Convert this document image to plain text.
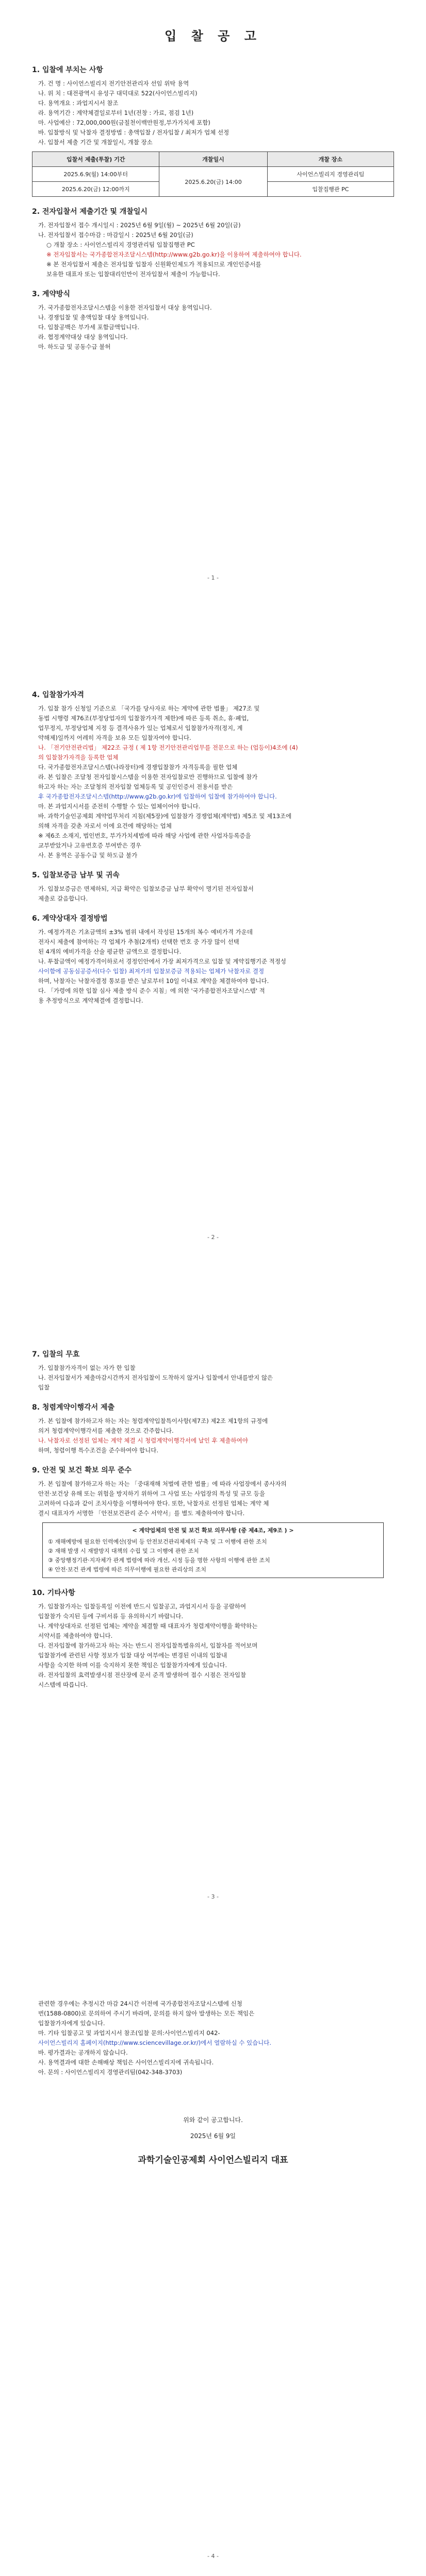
입 찰 공 고
1. 입찰에 부치는 사항
가. 건 명 : 사이언스빌리지 전기안전관리자 선임 위탁 용역
나. 위 치 : 대전광역시 유성구 대덕대로 522(사이언스빌리지)
다. 용역개요 : 과업지시서 참조
라. 용역기간 : 계약체결일로부터 1년(전창 : 가료, 점검 1년)
마. 사업예산 : 72,000,000원(금칠천이백만원정,부가가치세 포함)
바. 입찰방식 및 낙찰자 결정방법 : 총액입찰 / 전자입찰 / 최저가 업체 선정
사. 입찰서 제출 기간 및 개찰일시, 개찰 장소
입찰서 제출(투찰) 기간	개찰일시	개찰 장소
2025.6.9(월) 14:00부터	2025.6.20(금) 14:00	사이언스빌리지 경영관리팀
2025.6.20(금) 12:00까지		입찰집행관 PC
2. 전자입찰서 제출기간 및 개찰일시
가. 전자입찰서 접수 개시일시 : 2025년 6월 9일(월) ~ 2025년 6월 20일(금)
나. 전자입찰서 접수마감 : 마감일시 : 2025년 6월 20일(금)
○ 개찰 장소 : 사이언스빌리지 경영관리팀 입찰집행관 PC
※ 전자입찰서는 국가종합전자조달시스템(http://www.g2b.go.kr)을 이용하여 제출하여야 합니다.
※ 본 전자입찰서 제출은 전자입찰 입찰자 신원확인제도가 적용되므로 개인인증서를
보유한 대표자 또는 입찰대리인만이 전자입찰서 제출이 가능합니다.
3. 계약방식
가. 국가종합전자조달시스템을 이용한 전자입찰서 대상 용역입니다.
나. 경쟁입찰 및 총액입찰 대상 용역입니다.
다. 입찰공백은 부가세 포함금액입니다.
라. 협정계약대상 대상 용역입니다.
마. 하도급 및 공동수급 불허
- 1 -
4. 입찰참가자격
가. 입찰 참가 신청일 기준으로 「국가를 당사자로 하는 계약에 관한 법률」 제27조 및
동법 시행령 제76조(부정당업자의 입찰참가자격 제한)에 따른 등록 취소, 휴·폐업,
업무정지, 부정당업체 지정 등 결격사유가 있는 업체로서 입찰참가자격(정지, 계
약해제)일까지 어레히 자격을 보유 모든 입찰자여야 합니다.
나. 「전기안전관리법」 제22조 규정 ( 제 1항 전기안전관리업무를 전문으로 하는 (업등이)4조에 (4)
의 입찰참가자격을 등록한 업체
다. 국가종합전자조달시스템(나라장터)에 경쟁입찰참가 자격등록을 필한 업체
라. 본 입찰은 조달청 전자입찰시스템을 이용한 전자입찰로만 진행하므로 입찰에 참가
하고자 하는 자는 조달청의 전자입찰 업체등록 및 공인인증서 전용서를 받은
후 국가종합전자조달시스템(http://www.g2b.go.kr)에 입찰하여 입찰에 참가하여야 합니다.
마. 본 과업지시서를 준전히 수행할 수 있는 업체이어야 합니다.
바. 과학기술인공제회 계약업무처리 지침(제5장)에 입찰참가 경쟁업체(계약법) 제5조 및 제13조에
의해 자격을 갖춘 자로서 이에 요건에 해당하는 업체
※ 제6조 소재지, 법인번호, 부가가치세법에 따라 해당 사업에 관한 사업자등록증을
교부받았거나 고유번호증 부여받은 경우
사. 본 용역은 공동수급 및 하도급 불가
5. 입찰보증금 납부 및 귀속
가. 입찰보증금은 면제하되, 지급 확약은 입찰보증금 납부 확약이 명기된 전자입찰서
제출로 갈음합니다.
6. 계약상대자 결정방법
가. 예정가격은 기초금액의 ±3% 범위 내에서 작성된 15개의 복수 예비가격 가운데
전자시 제출에 참여하는 각 업체가 추첨(2개씩) 선택한 번호 중 가장 많이 선택
된 4개의 예비가격을 산술 평균한 금액으로 결정합니다.
나. 투찰금액이 예정가격이하로서 경정인안에서 가장 최저가격으로 입찰 및 계약집행기준 적정성
사이함에 공동심공증서(다수 입찰) 최저가의 입찰보증금 적용되는 업체가 낙찰자로 결정
하며, 낙찰자는 낙찰자결정 통보를 받은 날로부터 10일 이내로 계약을 체결하여야 합니다.
다. 「가령에 의한 입찰 심사 제출 방식 준수 지침」에 의한 '국가종합전자조달시스템' 적
용 추정방식으로 계약체결에 결정합니다.
- 2 -
7. 입찰의 무효
가. 입찰참가자격이 없는 자가 한 입찰
나. 전자입찰서가 제출마감시간까지 전자입찰이 도착하지 않거나 입찰에서 안내를받지 않은
입찰
8. 청렴계약이행각서 제출
가. 본 입찰에 참가하고자 하는 자는 청렴계약입찰특이사항(제7조) 제2조 제1항의 규정에
의거 청렴계약이행각서를 제출한 것으로 간주합니다.
나. 낙찰자로 선정된 업체는 계약 체결 시 청렴계약이행각서에 날인 후 제출하여야
하며, 청렴이행 특수조건을 준수하여야 합니다.
9. 안전 및 보건 확보 의무 준수
가. 본 입찰에 참가하고자 하는 자는 「중대재해 처벌에 관한 법률」에 따라 사업장에서 종사자의
안전·보건상 유해 또는 위험을 방지하기 위하여 그 사업 또는 사업장의 특성 및 규모 등을
고려하여 다음과 같이 조치사항을 이행하여야 한다. 또한, 낙찰자로 선정된 업체는 계약 체
결시 대표자가 서명한 「안전보건관리 준수 서약서」를 별도 제출하여야 합니다.
< 계약업체의 안전 및 보건 확보 의무사항 (중 제4조, 제9조 ) >
① 재해예방에 필요한 인력예산(장비 등 안전보건관리체제의 구축 및 그 이행에 관한 조치
② 재해 발생 시 재발방지 대책의 수립 및 그 이행에 관한 조치
③ 중앙행정기관·지자체가 관계 법령에 따라 개선, 시정 등을 명한 사항의 이행에 관한 조치
④ 안전·보건 관계 법령에 따른 의무이행에 필요한 관리상의 조치
10. 기타사항
가. 입찰참가자는 입찰등록일 이전에 반드시 입찰공고, 과업지시서 등을 공람하여
입찰참가 숙지된 등에 구비서류 등 유의하시기 바랍니다.
나. 계약상대자로 선정된 업체는 계약을 체결할 때 대표자가 청렴계약이행을 확약하는
서약서를 제출하여야 합니다.
다. 전자입찰에 참가하고자 하는 자는 반드시 전자입찰특별유의서, 입찰자를 적어보며
입찰참가에 관련된 사항 정보가 입찰 대상 여부에는 변경된 이내의 입찰내
사항을 숙지한 하며 이를 숙지하지 못한 책임은 입찰참가자에게 있습니다.
라. 전자입찰의 효력발생시점 전산장에 문서 준격 발생하여 접수 시점은 전자입찰
시스템에 따릅니다.
- 3 -
관련한 경우에는 추정시간 마감 24시간 이전에 국가종합전자조달시스템에 신청
번(1588-0800)로 문의하여 주시기 바라며, 문의를 하지 않아 발생하는 모든 책임은
입찰참가자에게 있습니다.
마. 기타 입찰공고 및 과업지시서 참조(입찰 문의:사이언스빌리지 042-
사이언스빌리지 홈페이지(http://www.sciencevillage.or.kr/)에서 열람하실 수 있습니다.
바. 평가결과는 공개하지 않습니다.
사. 용역결과에 대한 손해배상 책임은 사이언스빌리지에 귀속됩니다.
아. 문의 : 사이언스빌리지 경영관리팀(042-348-3703)
위와 같이 공고합니다.
2025년 6월 9일
과학기술인공제회 사이언스빌리지 대표
- 4 -
